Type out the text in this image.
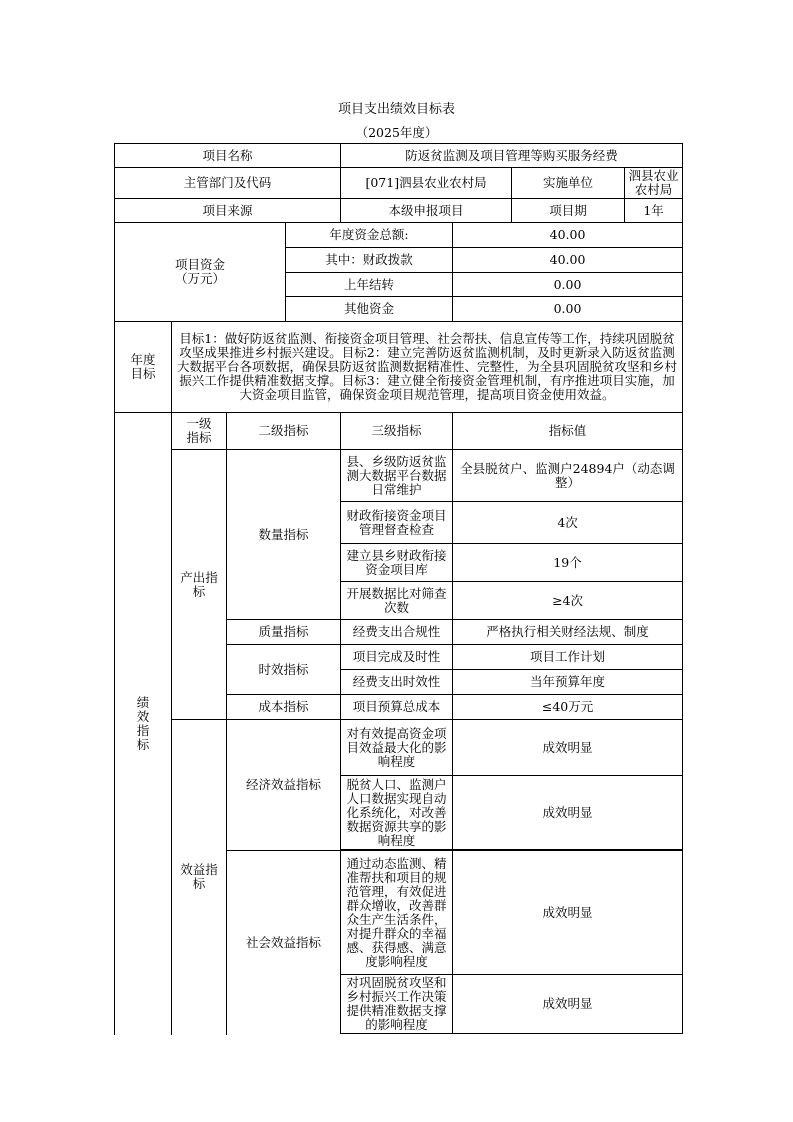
项目支出绩效目标表
（2025年度）
项目名称				防返贫监测及项目管理等购买服务经费			
主管部门及代码				[071]泗县农业农村局		实施单位	泗县农业农村局
项目来源				本级申报项目		项目期	1年
项目资金
（万元）			年度资金总额:		40.00		
			其中：财政拨款		40.00		
			上年结转		0.00		
			其他资金		0.00		
年度
目标	目标1：做好防返贫监测、衔接资金项目管理、社会帮扶、信息宣传等工作，持续巩固脱贫攻坚成果推进乡村振兴建设。目标2：建立完善防返贫监测机制，及时更新录入防返贫监测大数据平台各项数据，确保县防返贫监测数据精准性、完整性，为全县巩固脱贫攻坚和乡村振兴工作提供精准数据支撑。目标3：建立健全衔接资金管理机制，有序推进项目实施，加大资金项目监管，确保资金项目规范管理，提高项目资金使用效益。						
绩
效
指
标	一级
指标	二级指标		三级指标	指标值		
	产出指
标	数量指标		县、乡级防返贫监测大数据平台数据日常维护	全县脱贫户、监测户24894户（动态调整）		
				财政衔接资金项目管理督查检查	4次		
				建立县乡财政衔接资金项目库	19个		
				开展数据比对筛查次数	≥4次		
		质量指标		经费支出合规性	严格执行相关财经法规、制度		
		时效指标		项目完成及时性	项目工作计划		
				经费支出时效性	当年预算年度		
		成本指标		项目预算总成本	≤40万元		
	效益指
标	经济效益指标		对有效提高资金项目效益最大化的影响程度	成效明显		
				脱贫人口、监测户人口数据实现自动化系统化，对改善数据资源共享的影响程度	成效明显		

		社会效益指标		通过动态监测、精准帮扶和项目的规范管理，有效促进群众增收，改善群众生产生活条件，对提升群众的幸福感、获得感、满意度影响程度	成效明显		
				对巩固脱贫攻坚和乡村振兴工作决策提供精准数据支撑的影响程度	成效明显		
